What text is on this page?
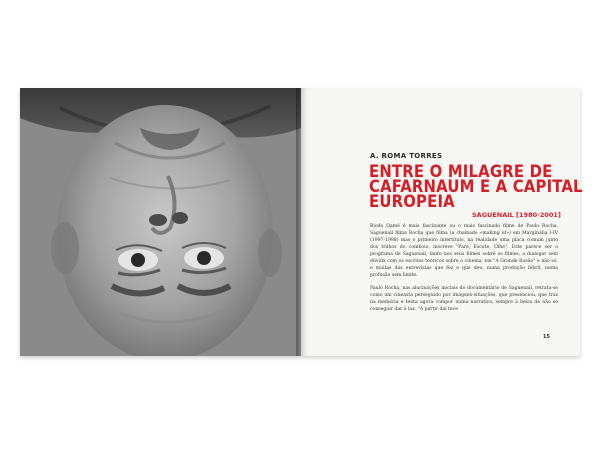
A. ROMA TORRES
ENTRE O MILAGRE DE
CAFARNAUM E A CAPITAL
EUROPEIA
SAGUENAIL [1980-2001]

Biodo Oamè é mais fascinante ou o mais fascinado filme de Paulo Rocha. Saguenail filma Rocha que filma (a chamado «making of») em Marginália I-IV (1997-1998) mas o primeiro intertítulo, na realidade uma placa comum junto dos trilhos do comboio, inscreve "Pare, Escute, Olhe". Este parece ser o programa de Saguenail, tanto nos seus filmes sobre os filmes, a dialogar sem dúvida com os escritos teóricos sobre o cinema, em "A Grande Ilusão" e não só, e muitas das entrevistas que fez e que deu, numa produção fébril, numa profusão sem limite.

Paulo Rocha, nas alucinações iniciais do documentário de Saguenail, retrata-se como um cineasta perseguido por imagens-situações, que presenciou, que traz na memória e tenta agora compor numa narrativa, sempre à beira de não se conseguir dar à luz. "A partir daí teve

15
